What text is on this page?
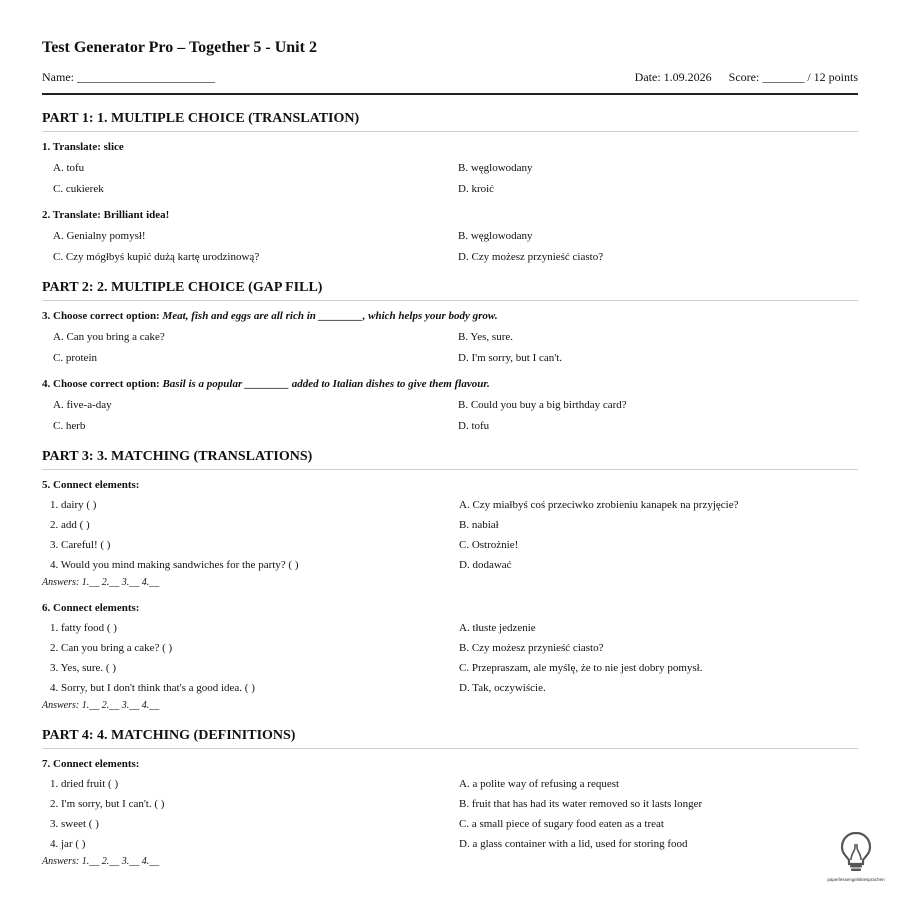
Test Generator Pro – Together 5 - Unit 2
Name: _______________________	Date: 1.09.2026 Score: _______ / 12 points
PART 1: 1. MULTIPLE CHOICE (TRANSLATION)
1. Translate: slice
A. tofu	B. węglowodany
C. cukierek	D. kroić
2. Translate: Brilliant idea!
A. Genialny pomysł!	B. węglowodany
C. Czy mógłbyś kupić dużą kartę urodzinową?	D. Czy możesz przynieść ciasto?
PART 2: 2. MULTIPLE CHOICE (GAP FILL)
3. Choose correct option: Meat, fish and eggs are all rich in ________, which helps your body grow.
A. Can you bring a cake?	B. Yes, sure.
C. protein	D. I'm sorry, but I can't.
4. Choose correct option: Basil is a popular ________ added to Italian dishes to give them flavour.
A. five-a-day	B. Could you buy a big birthday card?
C. herb	D. tofu
PART 3: 3. MATCHING (TRANSLATIONS)
5. Connect elements:
1. dairy ( )	A. Czy miałbyś coś przeciwko zrobieniu kanapek na przyjęcie?
2. add ( )	B. nabiał
3. Careful! ( )	C. Ostrożnie!
4. Would you mind making sandwiches for the party? ( )	D. dodawać
Answers: 1.__ 2.__ 3.__ 4.__
6. Connect elements:
1. fatty food ( )	A. tłuste jedzenie
2. Can you bring a cake? ( )	B. Czy możesz przynieść ciasto?
3. Yes, sure. ( )	C. Przepraszam, ale myślę, że to nie jest dobry pomysł.
4. Sorry, but I don't think that's a good idea. ( )	D. Tak, oczywiście.
Answers: 1.__ 2.__ 3.__ 4.__
PART 4: 4. MATCHING (DEFINITIONS)
7. Connect elements:
1. dried fruit ( )	A. a polite way of refusing a request
2. I'm sorry, but I can't. ( )	B. fruit that has had its water removed so it lasts longer
3. sweet ( )	C. a small piece of sugary food eaten as a treat
4. jar ( )	D. a glass container with a lid, used for storing food
Answers: 1.__ 2.__ 3.__ 4.__
paperlessengelsktesprachen
